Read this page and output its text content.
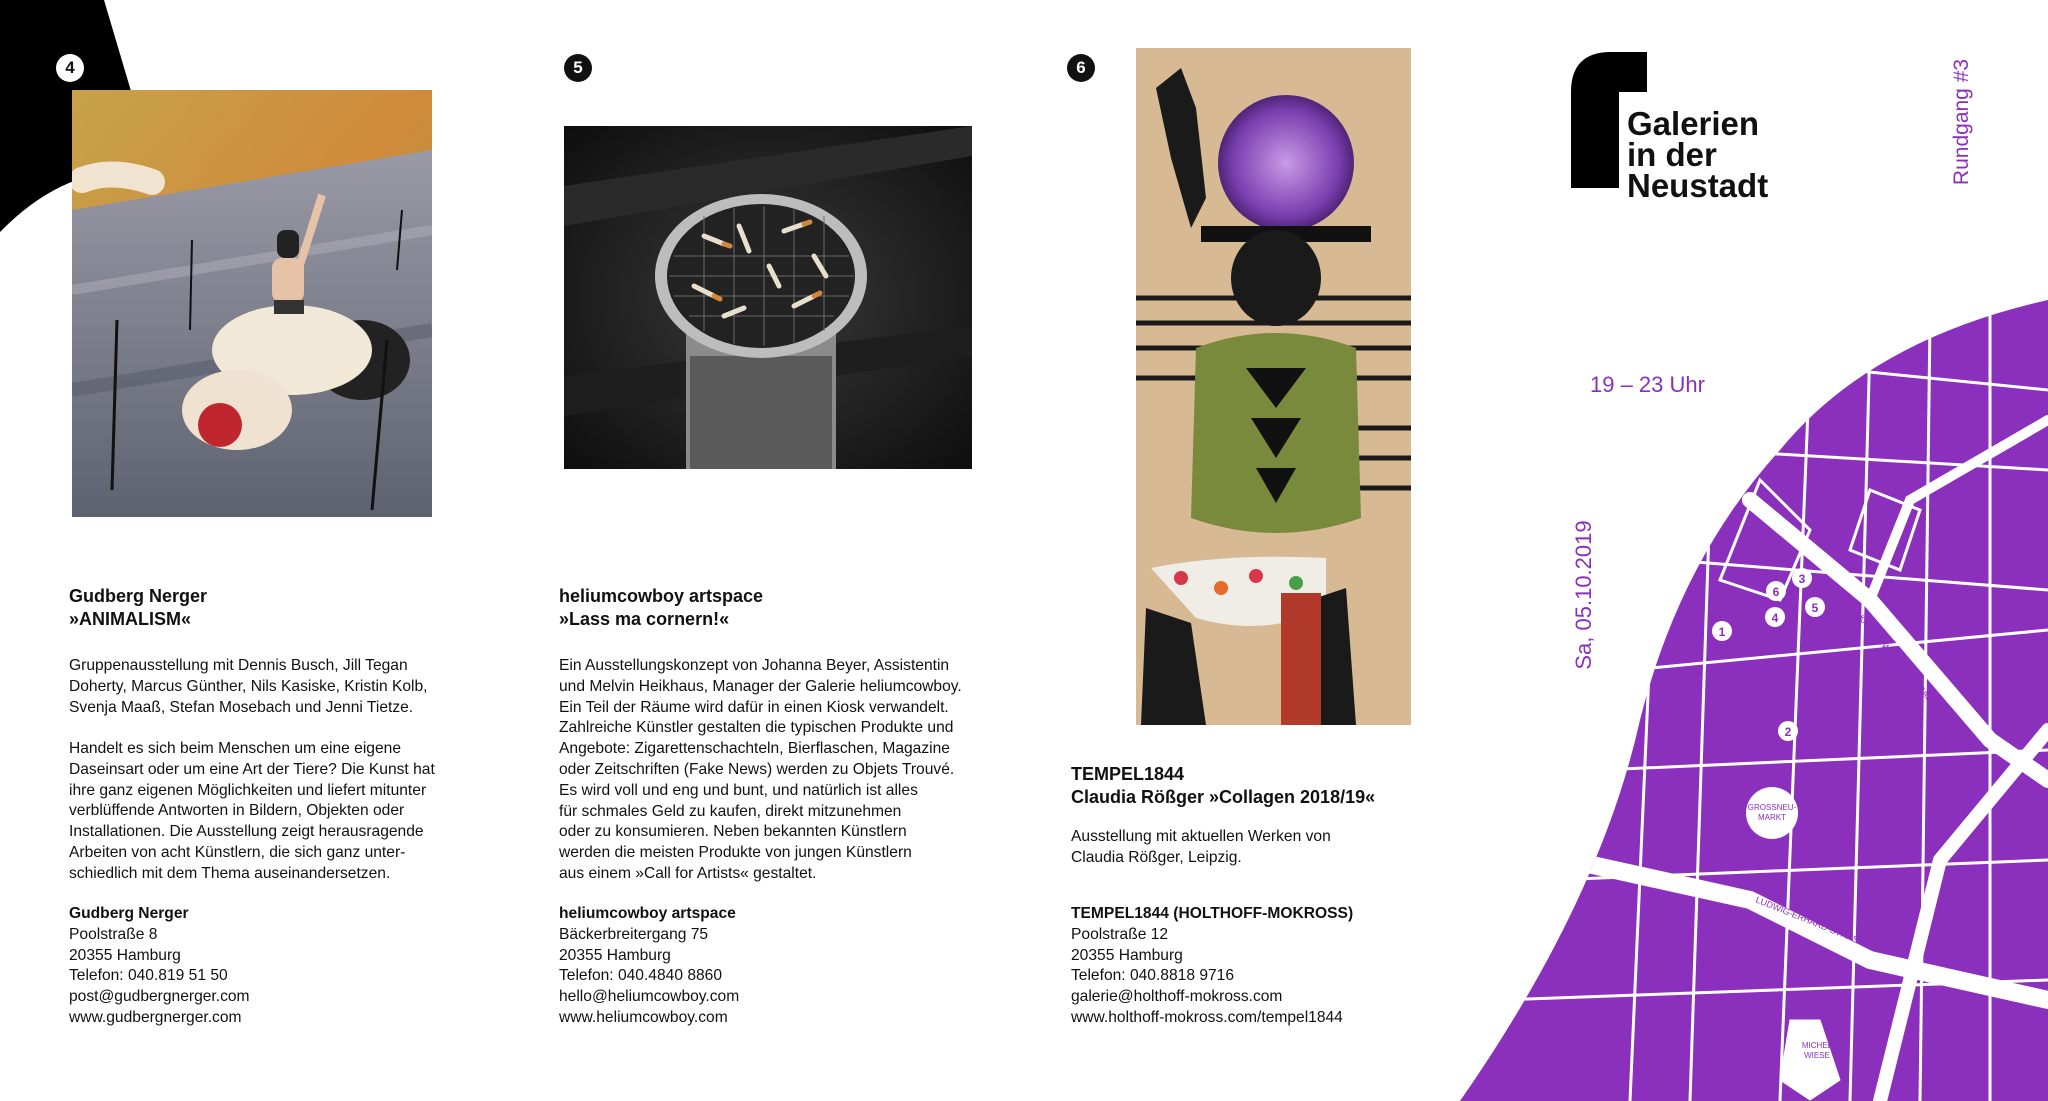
4
Gudberg Nerger
»ANIMALISM«
Gruppenausstellung mit Dennis Busch, Jill Tegan
Doherty, Marcus Günther, Nils Kasiske, Kristin Kolb,
Svenja Maaß, Stefan Mosebach und Jenni Tietze.
Handelt es sich beim Menschen um eine eigene
Daseinsart oder um eine Art der Tiere? Die Kunst hat
ihre ganz eigenen Möglichkeiten und liefert mitunter
verblüffende Antworten in Bildern, Objekten oder
Installationen. Die Ausstellung zeigt herausragende
Arbeiten von acht Künstlern, die sich ganz unter-
schiedlich mit dem Thema auseinandersetzen.
Gudberg Nerger
Poolstraße 8
20355 Hamburg
Telefon: 040.819 51 50
post@gudbergnerger.com
www.gudbergnerger.com
5
heliumcowboy artspace
»Lass ma cornern!«
Ein Ausstellungskonzept von Johanna Beyer, Assistentin
und Melvin Heikhaus, Manager der Galerie heliumcowboy.
Ein Teil der Räume wird dafür in einen Kiosk verwandelt.
Zahlreiche Künstler gestalten die typischen Produkte und
Angebote: Zigarettenschachteln, Bierflaschen, Magazine
oder Zeitschriften (Fake News) werden zu Objets Trouvé.
Es wird voll und eng und bunt, und natürlich ist alles
für schmales Geld zu kaufen, direkt mitzunehmen
oder zu konsumieren. Neben bekannten Künstlern
werden die meisten Produkte von jungen Künstlern
aus einem »Call for Artists« gestaltet.
heliumcowboy artspace
Bäckerbreitergang 75
20355 Hamburg
Telefon: 040.4840 8860
hello@heliumcowboy.com
www.heliumcowboy.com
6
TEMPEL1844
Claudia Rößger »Collagen 2018/19«
Ausstellung mit aktuellen Werken von
Claudia Rößger, Leipzig.
TEMPEL1844 (HOLTHOFF-MOKROSS)
Poolstraße 12
20355 Hamburg
Telefon: 040.8818 9716
galerie@holthoff-mokross.com
www.holthoff-mokross.com/tempel1844
Galerien
in der
Neustadt
Rundgang #3
19 – 23 Uhr
Sa, 05.10.2019
GROSSNEU-
MARKT
KAISER-WILHELM-STRASSE
LUDWIG-ERHARD-STRASSE
MICHEL
WIESE
1
2
3
4
5
6
